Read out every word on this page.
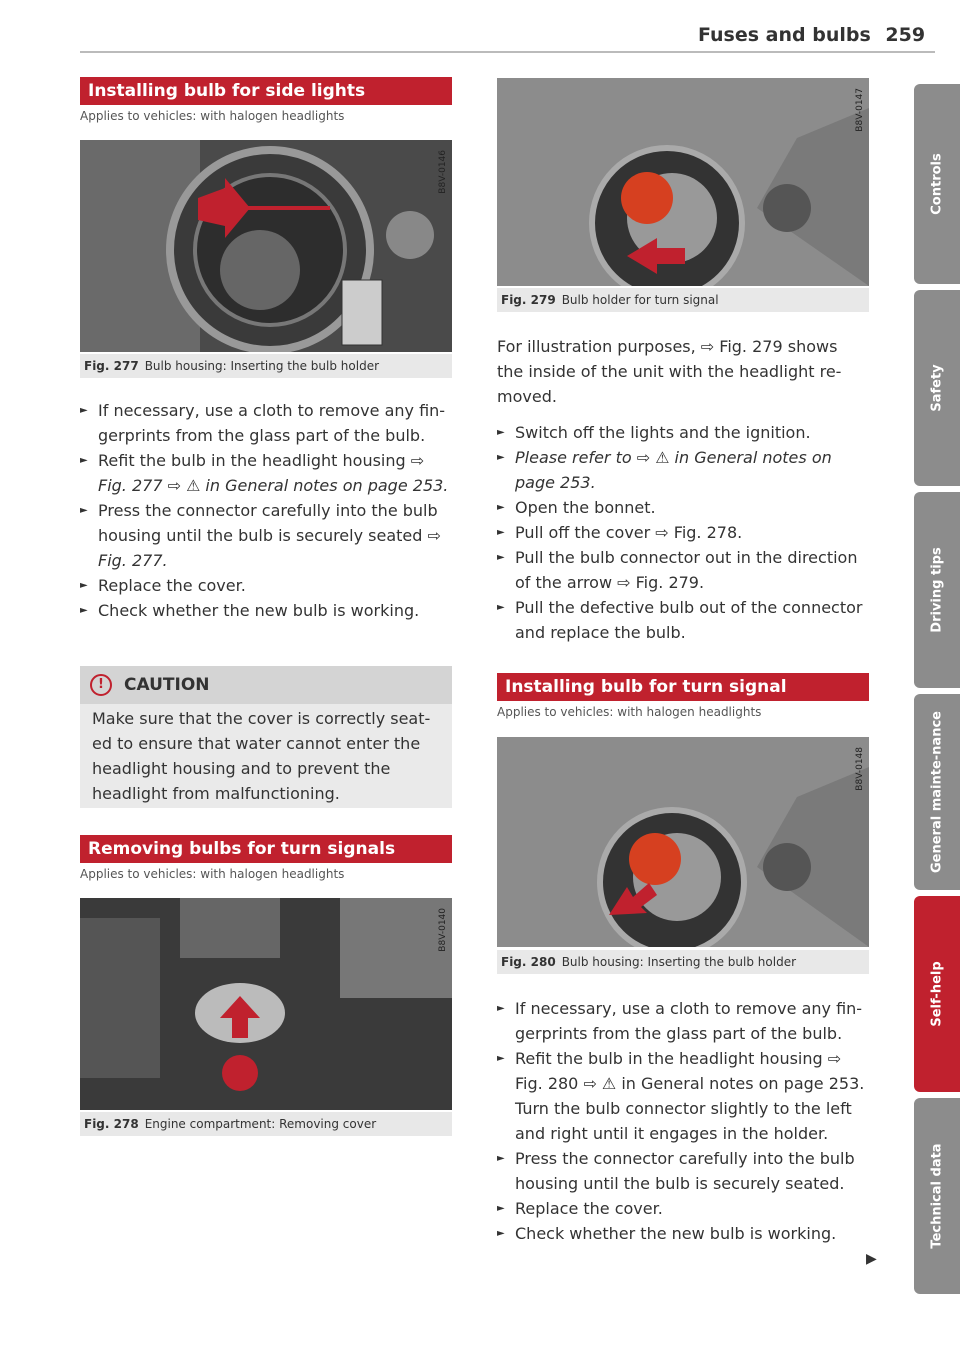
Fuses and bulbs 259
Installing bulb for side lights
Applies to vehicles: with halogen headlights
B8V-0146
Fig. 277 Bulb housing: Inserting the bulb holder
► If necessary, use a cloth to remove any fin-gerprints from the glass part of the bulb.
► Refit the bulb in the headlight housing ⇨ Fig. 277 ⇨ ⚠ in General notes on page 253.
► Press the connector carefully into the bulb housing until the bulb is securely seated ⇨ Fig. 277.
► Replace the cover.
► Check whether the new bulb is working.
! CAUTION
Make sure that the cover is correctly seat-ed to ensure that water cannot enter the headlight housing and to prevent the headlight from malfunctioning.
Removing bulbs for turn signals
Applies to vehicles: with halogen headlights
B8V-0140
Fig. 278 Engine compartment: Removing cover
B8V-0147
Fig. 279 Bulb holder for turn signal
For illustration purposes, ⇨ Fig. 279 shows the inside of the unit with the headlight re-moved.
► Switch off the lights and the ignition.
► Please refer to ⇨ ⚠ in General notes on page 253.
► Open the bonnet.
► Pull off the cover ⇨ Fig. 278.
► Pull the bulb connector out in the direction of the arrow ⇨ Fig. 279.
► Pull the defective bulb out of the connector and replace the bulb.
Installing bulb for turn signal
Applies to vehicles: with halogen headlights
B8V-0148
Fig. 280 Bulb housing: Inserting the bulb holder
► If necessary, use a cloth to remove any fin-gerprints from the glass part of the bulb.
► Refit the bulb in the headlight housing ⇨ Fig. 280 ⇨ ⚠ in General notes on page 253. Turn the bulb connector slightly to the left and right until it engages in the holder.
► Press the connector carefully into the bulb housing until the bulb is securely seated.
► Replace the cover.
► Check whether the new bulb is working.
▶
Controls
Safety
Driving tips
General mainte-nance
Self-help
Technical data
